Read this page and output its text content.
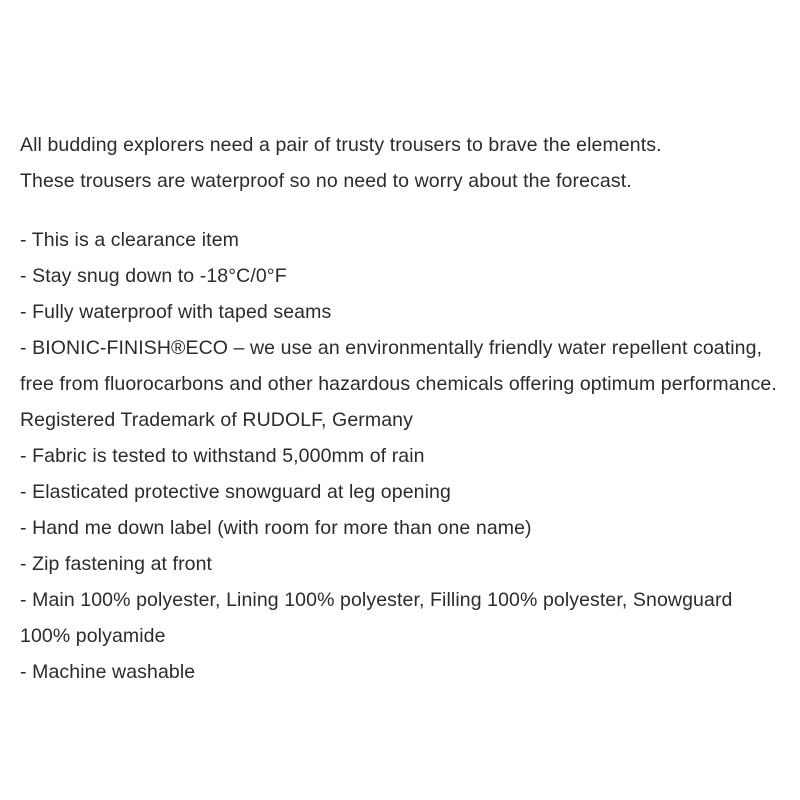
All budding explorers need a pair of trusty trousers to brave the elements.

These trousers are waterproof so no need to worry about the forecast.

- This is a clearance item

- Stay snug down to -18°C/0°F

- Fully waterproof with taped seams

- BIONIC-FINISH®ECO – we use an environmentally friendly water repellent coating, free from fluorocarbons and other hazardous chemicals offering optimum performance. Registered Trademark of RUDOLF, Germany

- Fabric is tested to withstand 5,000mm of rain

- Elasticated protective snowguard at leg opening

- Hand me down label (with room for more than one name)

- Zip fastening at front

- Main 100% polyester, Lining 100% polyester, Filling 100% polyester, Snowguard 100% polyamide

- Machine washable
